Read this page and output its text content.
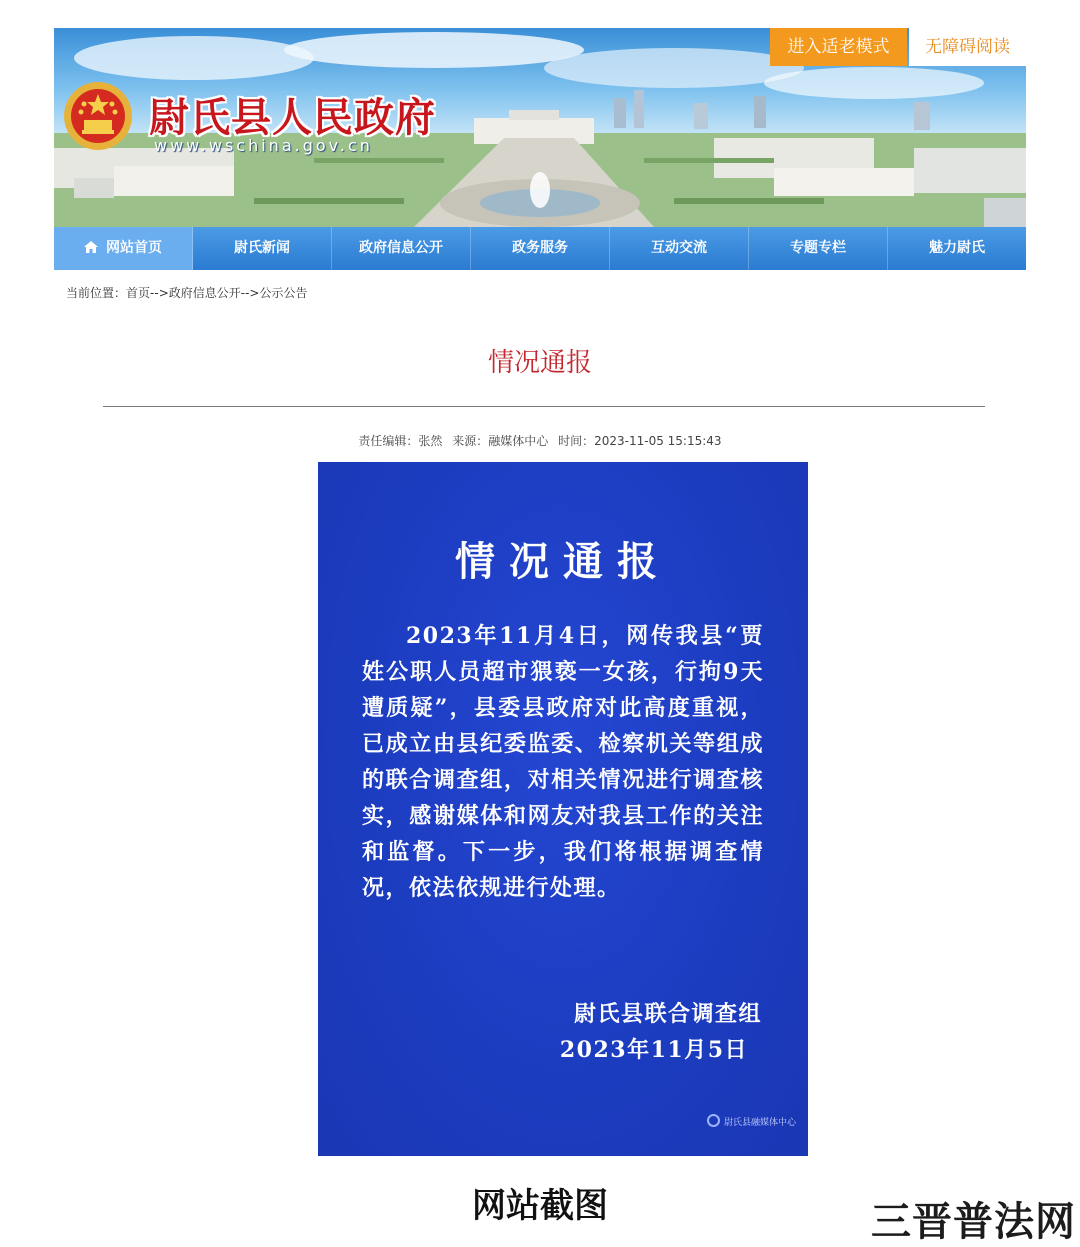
尉氏县人民政府
www.wschina.gov.cn
进入适老模式	无障碍阅读
网站首页	尉氏新闻	政府信息公开	政务服务	互动交流	专题专栏	魅力尉氏
当前位置：首页-->政府信息公开-->公示公告
情况通报
责任编辑：张然 来源：融媒体中心 时间：2023-11-05 15:15:43
情况通报
2023年11月4日，网传我县“贾姓公职人员超市猥亵一女孩，行拘9天遭质疑”，县委县政府对此高度重视，已成立由县纪委监委、检察机关等组成的联合调查组，对相关情况进行调查核实，感谢媒体和网友对我县工作的关注和监督。下一步，我们将根据调查情况，依法依规进行处理。
尉氏县联合调查组
2023年11月5日
尉氏县融媒体中心
网站截图	三晋普法网
